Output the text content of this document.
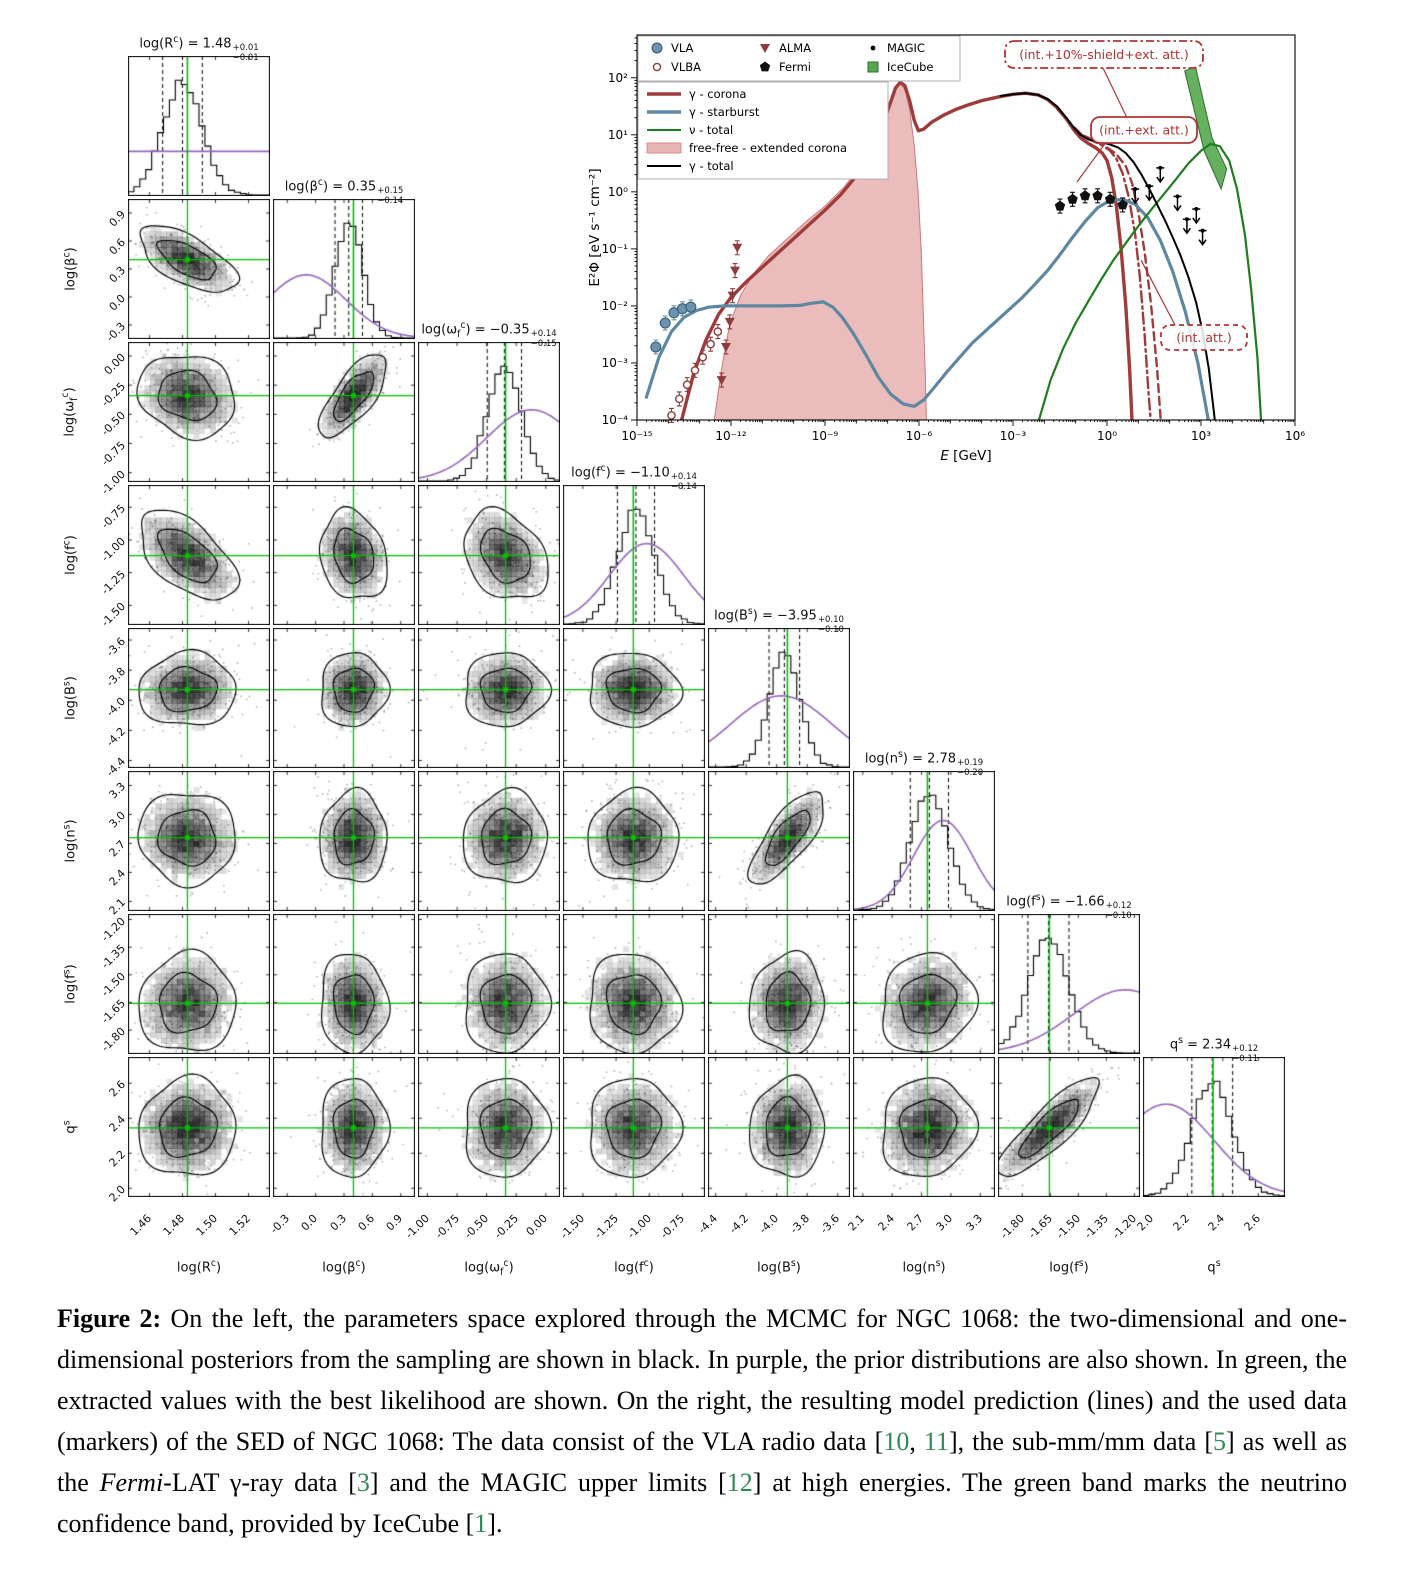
$\log(R^c) = 1.48 +0.01$
−0.01
$\log(\beta^c) = 0.35 +0.15$
−0.14
$\log(\omega_f^c) = -0.35 +0.14$
−0.15
$\log(f^c) = -1.10 +0.14$
−0.14
$\log(B^s) = -3.95 +0.10$
−0.10
$\log(n^s) = 2.78 +0.19$
−0.20
$\log(f^s) = -1.66 +0.12$
−0.10
$q^s = 2.34 +0.12$
−0.11
1.46 1.48 1.50 1.52
$\log(R^c)$
-0.3 0.0 0.3 0.6 0.9
$\log(\beta^c)$
-1.00 -0.75 -0.50 -0.25 0.00
$\log(\omega_f^c)$
-1.50 -1.25 -1.00 -0.75
$\log(f^c)$
-4.4 -4.2 -4.0 -3.8 -3.6
$\log(B^s)$
2.1 2.4 2.7 3.0 3.3
$\log(n^s)$
-1.80
-1.65
-1.50
-1.35
-1.20
$\log(f^s)$
2.0 2.2 2.4 2.6
$q^s$
-0.3
0.0
0.3
0.6
0.9
$\log(\beta^c)$
-1.00
-0.75
-0.50
-0.25
0.00
$\log(\omega_f^c)$
-1.50
-1.25
-1.00
-0.75
$\log(f^c)$
-4.4
-4.2
-4.0
-3.8
-3.6
$\log(B^s)$
2.1
2.4
2.7
3.0
3.3
$\log(n^s)$
-1.80
-1.65
-1.50
-1.35
-1.20
$\log(f^s)$
2.0
2.2
2.4
2.6
$q^s$
10⁻¹⁵	10⁻¹²	10⁻⁹	10⁻⁶	10⁻³	10⁰	10³	10⁶
10⁻⁴
10⁻³
10⁻²
10⁻¹
10⁰
10¹
10²
E [GeV]
E²Φ [eV s⁻¹ cm⁻²]
VLA	ALMA	MAGIC
VLBA	Fermi	IceCube
γ - corona
γ - starburst
ν - total
free-free - extended corona
γ - total
(int.+10%-shield+ext. att.)
(int.+ext. att.)
(int. att.)

Figure 2: On the left, the parameters space explored through the MCMC for NGC 1068: the two-dimensional and one-dimensional posteriors from the sampling are shown in black. In purple, the prior distributions are also shown. In green, the extracted values with the best likelihood are shown. On the right, the resulting model prediction (lines) and the used data (markers) of the SED of NGC 1068: The data consist of the VLA radio data [10, 11], the sub-mm/mm data [5] as well as the Fermi-LAT γ-ray data [3] and the MAGIC upper limits [12] at high energies. The green band marks the neutrino confidence band, provided by IceCube [1].
